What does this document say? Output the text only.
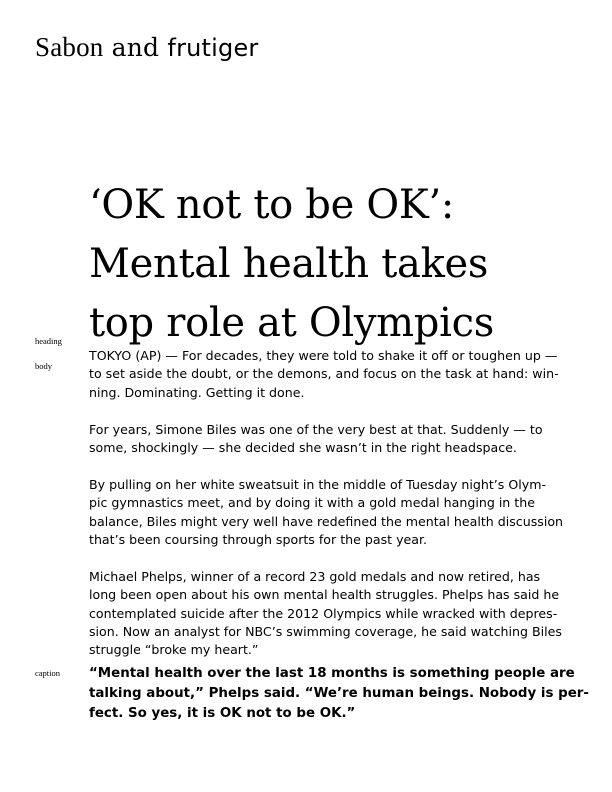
Sabon and frutiger
heading
body
caption
‘OK not to be OK’:
Mental health takes
top role at Olympics

TOKYO (AP) — For decades, they were told to shake it off or toughen up —
to set aside the doubt, or the demons, and focus on the task at hand: win-
ning. Dominating. Getting it done.

For years, Simone Biles was one of the very best at that. Suddenly — to
some, shockingly — she decided she wasn’t in the right headspace.

By pulling on her white sweatsuit in the middle of Tuesday night’s Olym-
pic gymnastics meet, and by doing it with a gold medal hanging in the
balance, Biles might very well have redefined the mental health discussion
that’s been coursing through sports for the past year.

Michael Phelps, winner of a record 23 gold medals and now retired, has
long been open about his own mental health struggles. Phelps has said he
contemplated suicide after the 2012 Olympics while wracked with depres-
sion. Now an analyst for NBC’s swimming coverage, he said watching Biles
struggle “broke my heart.”

“Mental health over the last 18 months is something people are
talking about,” Phelps said. “We’re human beings. Nobody is per-
fect. So yes, it is OK not to be OK.”
